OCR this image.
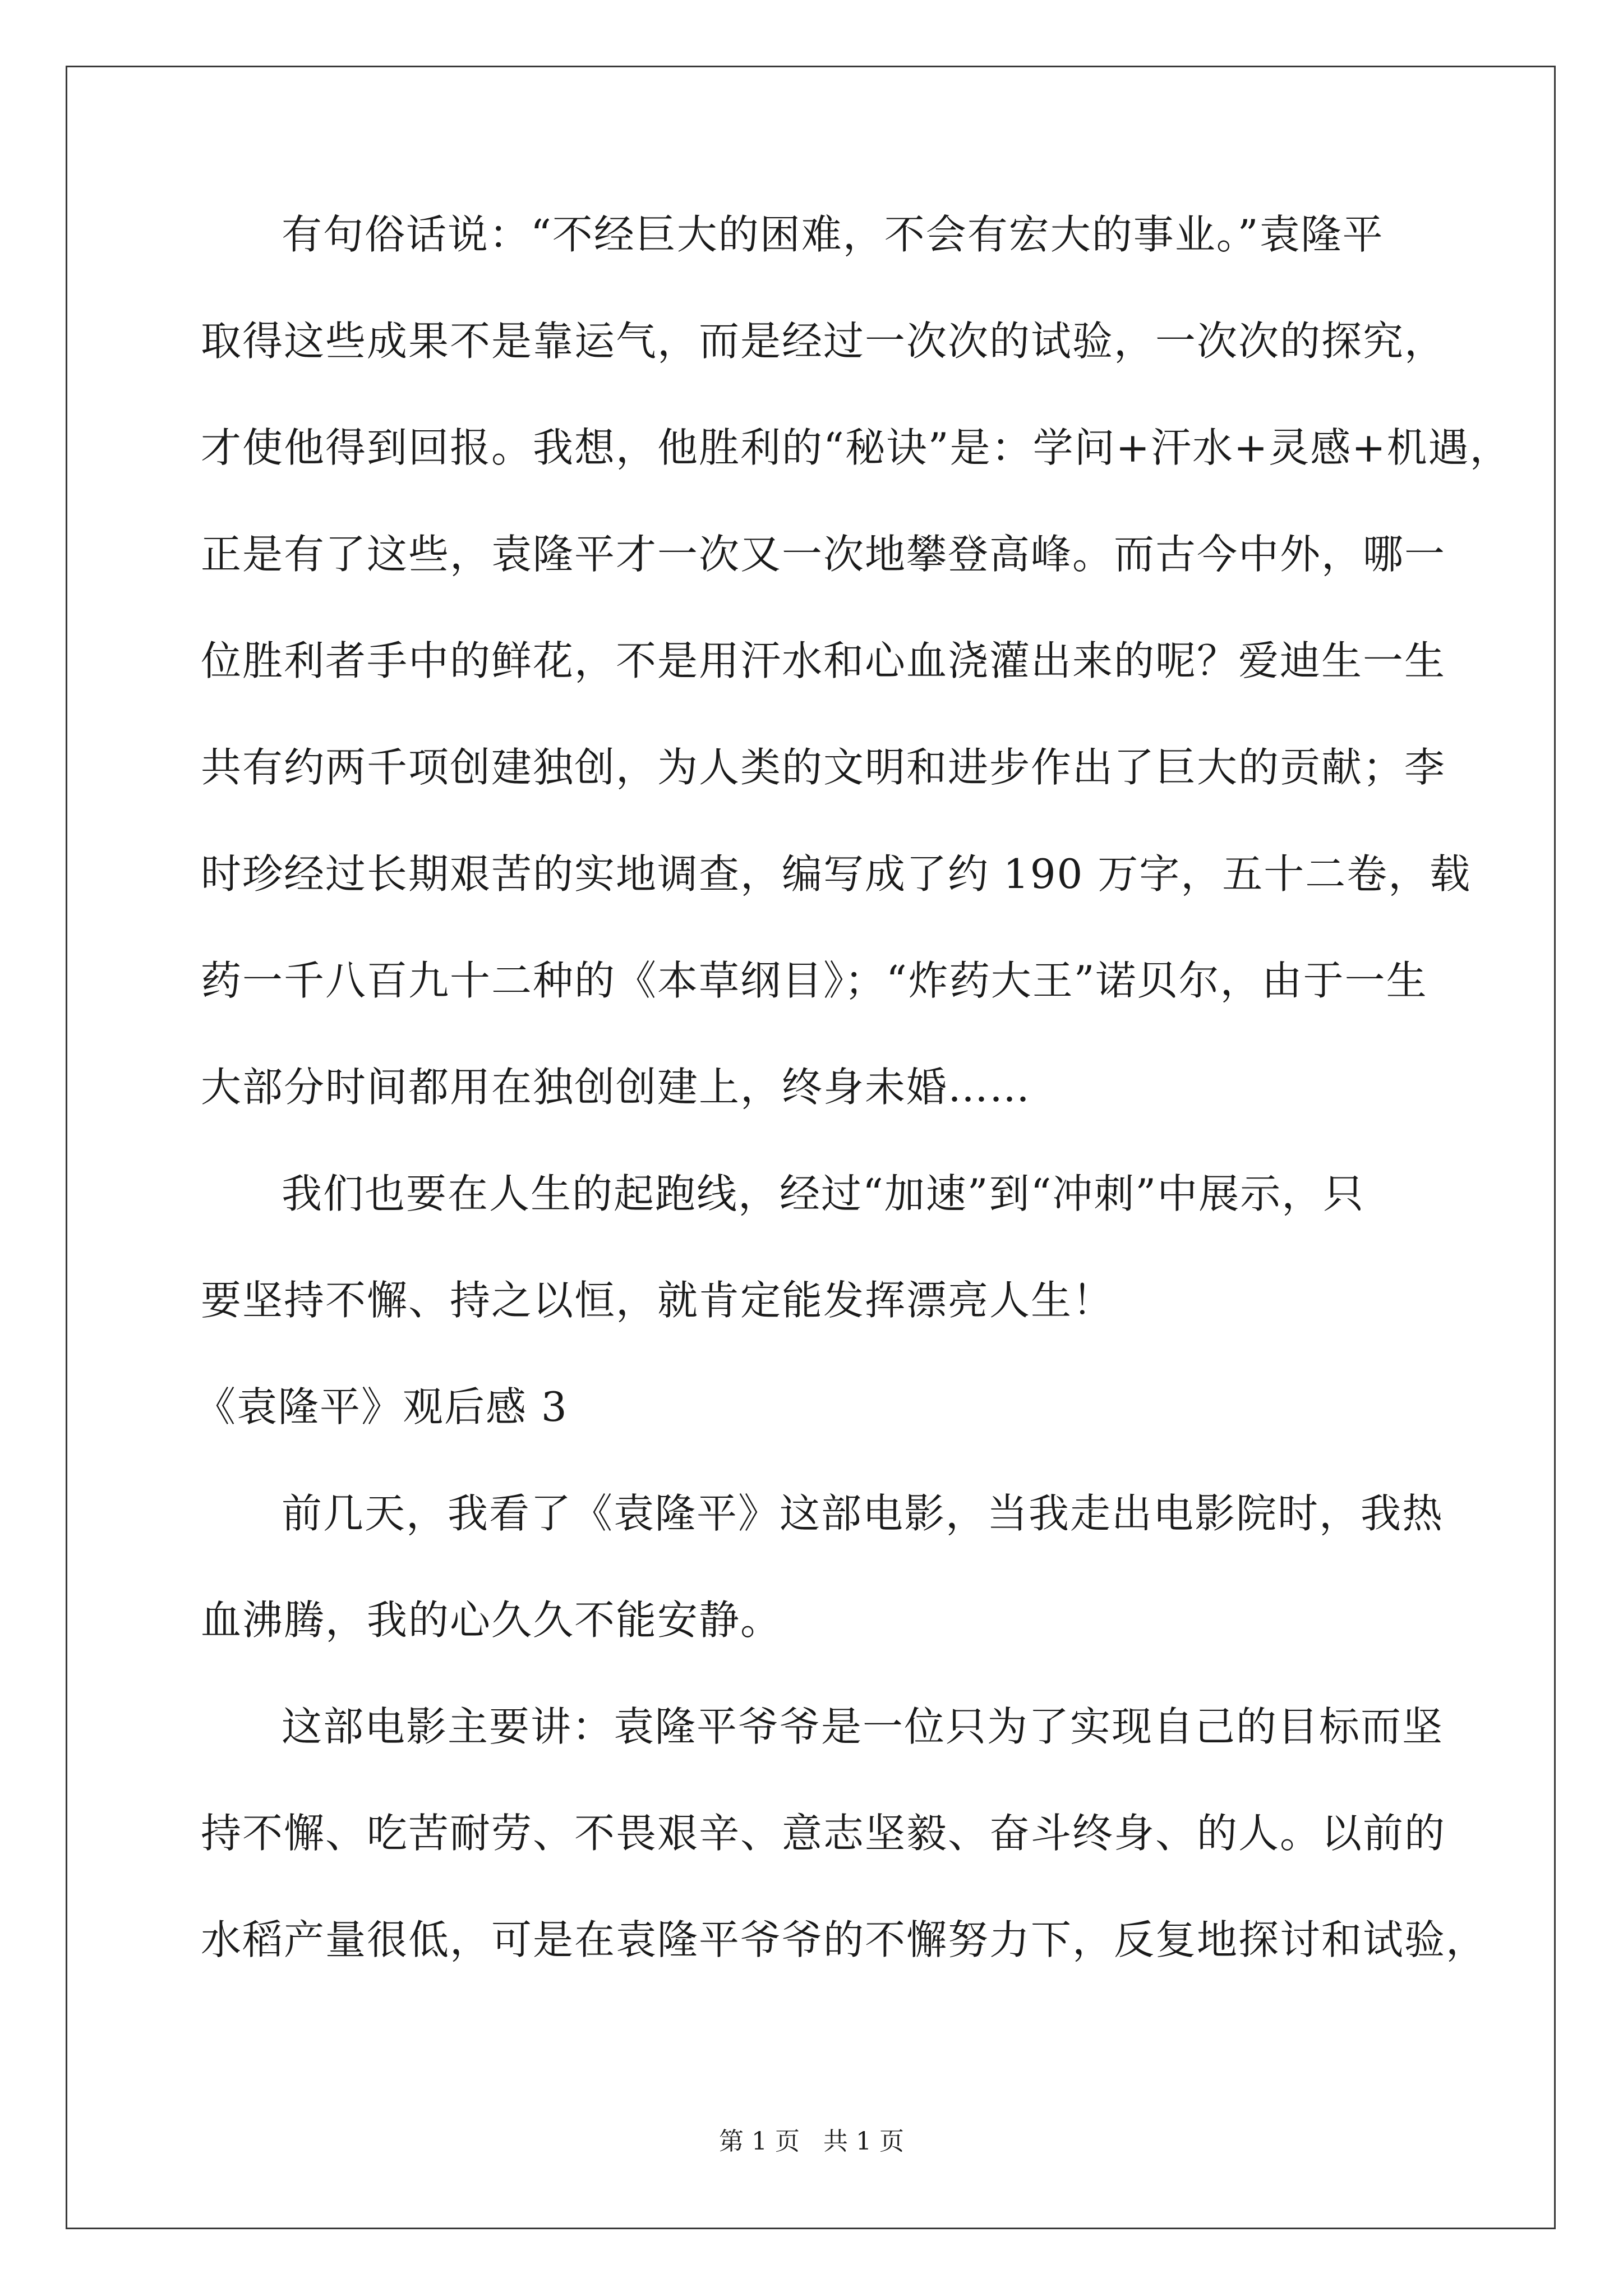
有句俗话说：“不经巨大的困难，不会有宏大的事业。”袁隆平
取得这些成果不是靠运气，而是经过一次次的试验，一次次的探究，
才使他得到回报。我想，他胜利的“秘诀”是：学问+汗水+灵感+机遇，
正是有了这些，袁隆平才一次又一次地攀登高峰。而古今中外，哪一
位胜利者手中的鲜花，不是用汗水和心血浇灌出来的呢？爱迪生一生
共有约两千项创建独创，为人类的文明和进步作出了巨大的贡献；李
时珍经过长期艰苦的实地调查，编写成了约 190 万字，五十二卷，载
药一千八百九十二种的《本草纲目》；“炸药大王”诺贝尔，由于一生
大部分时间都用在独创创建上，终身未婚……
我们也要在人生的起跑线，经过“加速”到“冲刺”中展示，只
要坚持不懈、持之以恒，就肯定能发挥漂亮人生！
《袁隆平》观后感 3
前几天，我看了《袁隆平》这部电影，当我走出电影院时，我热
血沸腾，我的心久久不能安静。
这部电影主要讲：袁隆平爷爷是一位只为了实现自己的目标而坚
持不懈、吃苦耐劳、不畏艰辛、意志坚毅、奋斗终身、的人。以前的
水稻产量很低，可是在袁隆平爷爷的不懈努力下，反复地探讨和试验，
第 1 页 共 1 页
